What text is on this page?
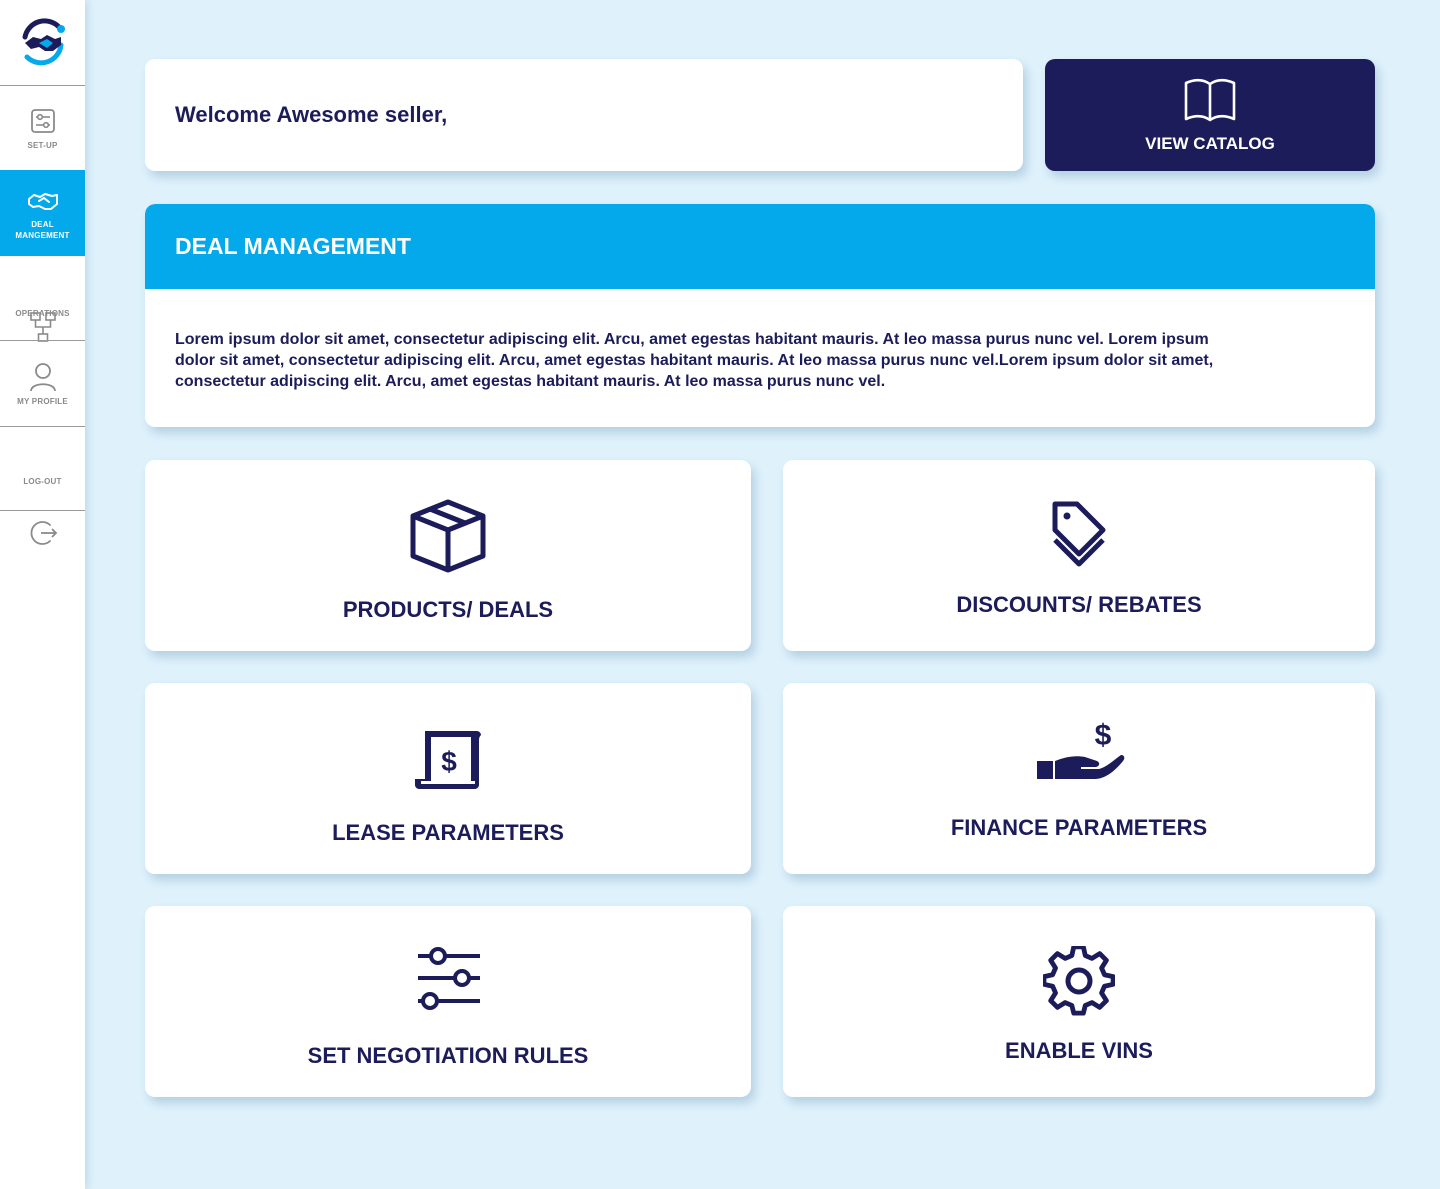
SET-UP
DEAL MANGEMENT
OPERATIONS
MY PROFILE
LOG-OUT
Welcome Awesome seller,
VIEW CATALOG
DEAL MANAGEMENT

Lorem ipsum dolor sit amet, consectetur adipiscing elit. Arcu, amet egestas habitant mauris. At leo massa purus nunc vel. Lorem ipsum dolor sit amet, consectetur adipiscing elit. Arcu, amet egestas habitant mauris. At leo massa purus nunc vel.Lorem ipsum dolor sit amet, consectetur adipiscing elit. Arcu, amet egestas habitant mauris. At leo massa purus nunc vel.

PRODUCTS/ DEALS	DISCOUNTS/ REBATES
$
LEASE PARAMETERS
$
FINANCE PARAMETERS
SET NEGOTIATION RULES	ENABLE VINS
